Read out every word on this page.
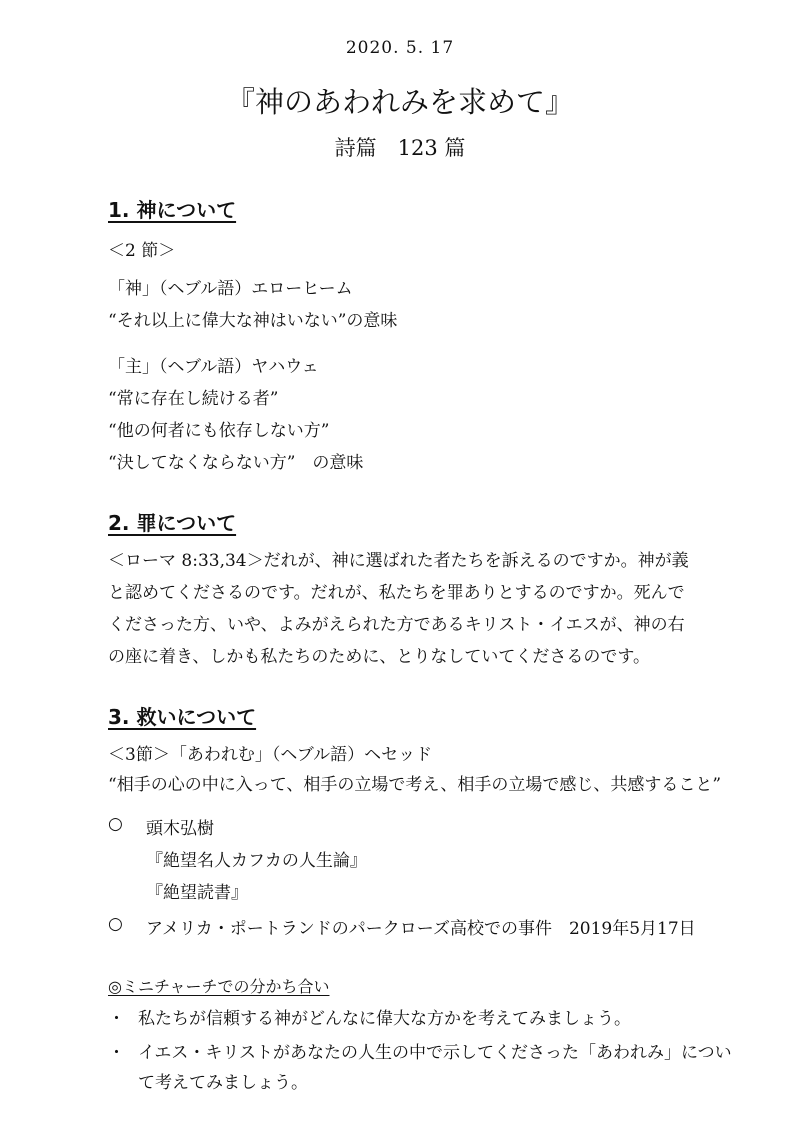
2020. 5. 17
『神のあわれみを求めて』
詩篇　123 篇
1. 神について
＜2 節＞
「神」（ヘブル語）エローヒーム
“それ以上に偉大な神はいない”の意味
「主」（ヘブル語）ヤハウェ
“常に存在し続ける者”
“他の何者にも依存しない方”
“決してなくならない方”　の意味
2. 罪について
＜ローマ 8:33,34＞だれが、神に選ばれた者たちを訴えるのですか。神が義
と認めてくださるのです。だれが、私たちを罪ありとするのですか。死んで
くださった方、いや、よみがえられた方であるキリスト・イエスが、神の右
の座に着き、しかも私たちのために、とりなしていてくださるのです。
3. 救いについて
＜3節＞「あわれむ」（ヘブル語）ヘセッド
“相手の心の中に入って、相手の立場で考え、相手の立場で感じ、共感すること”
○ 頭木弘樹
『絶望名人カフカの人生論』
『絶望読書』
○ アメリカ・ポートランドのパークローズ高校での事件　2019年5月17日
◎ミニチャーチでの分かち合い
・ 私たちが信頼する神がどんなに偉大な方かを考えてみましょう。
・ イエス・キリストがあなたの人生の中で示してくださった「あわれみ」につい
て考えてみましょう。
